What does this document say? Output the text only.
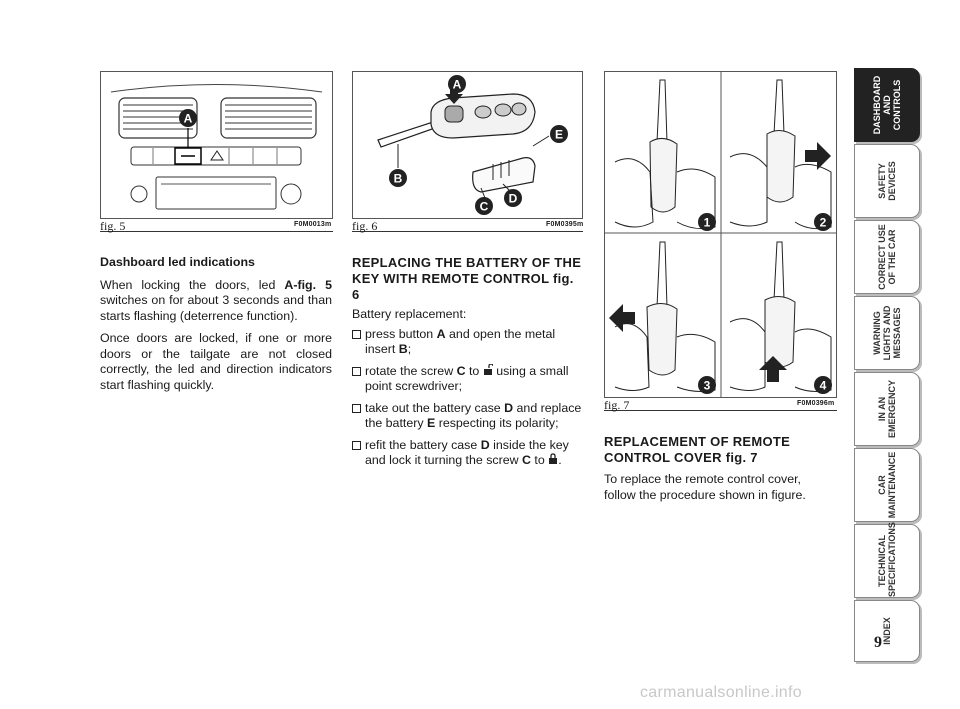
A
fig. 5	F0M0013m
A
B
C
D
E
fig. 6	F0M0395m	1	2
3	4
fig. 7	F0M0396m

Dashboard led indications

When locking the doors, led A-fig. 5 switches on for about 3 seconds and than starts flashing (deterrence function).

Once doors are locked, if one or more doors or the tailgate are not closed correctly, the led and direction indicators start flashing quickly.

REPLACING THE BATTERY OF THE KEY WITH REMOTE CONTROL fig. 6
Battery replacement:
press button A and open the metal insert B;
rotate the screw C to  using a small point screwdriver;
take out the battery case D and replace the battery E respecting its polarity;
refit the battery case D inside the key and lock it turning the screw C to .
REPLACEMENT OF REMOTE CONTROL COVER fig. 7
To replace the remote control cover, follow the procedure shown in figure.
DASHBOARD
AND CONTROLS
SAFETY
DEVICES
CORRECT USE
OF THE CAR
WARNING
LIGHTS AND
MESSAGES
IN AN
EMERGENCY
CAR
MAINTENANCE
TECHNICAL
SPECIFICATIONS
INDEX
9
carmanualsonline.info
